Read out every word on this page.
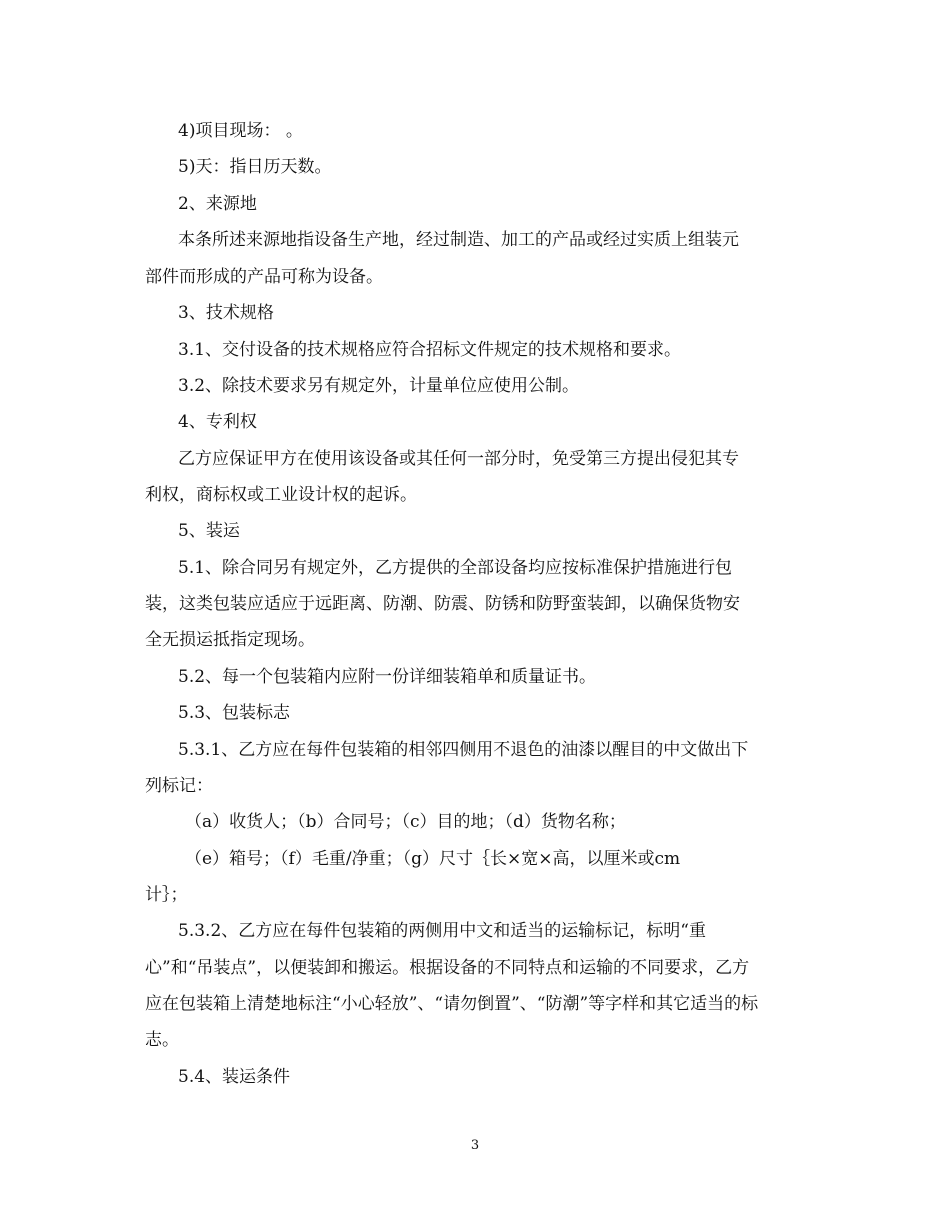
4)项目现场： 。
5)天：指日历天数。
2、来源地
本条所述来源地指设备生产地，经过制造、加工的产品或经过实质上组装元
部件而形成的产品可称为设备。
3、技术规格
3.1、交付设备的技术规格应符合招标文件规定的技术规格和要求。
3.2、除技术要求另有规定外，计量单位应使用公制。
4、专利权
乙方应保证甲方在使用该设备或其任何一部分时，免受第三方提出侵犯其专
利权，商标权或工业设计权的起诉。
5、装运
5.1、除合同另有规定外，乙方提供的全部设备均应按标准保护措施进行包
装，这类包装应适应于远距离、防潮、防震、防锈和防野蛮装卸，以确保货物安
全无损运抵指定现场。
5.2、每一个包装箱内应附一份详细装箱单和质量证书。
5.3、包装标志
5.3.1、乙方应在每件包装箱的相邻四侧用不退色的油漆以醒目的中文做出下
列标记：
（a）收货人；（b）合同号；（c）目的地；（d）货物名称；
（e）箱号；（f）毛重/净重；（g）尺寸｛长×宽×高，以厘米或cm
计｝；
5.3.2、乙方应在每件包装箱的两侧用中文和适当的运输标记，标明“重
心”和“吊装点”，以便装卸和搬运。根据设备的不同特点和运输的不同要求，乙方
应在包装箱上清楚地标注“小心轻放”、“请勿倒置”、“防潮”等字样和其它适当的标
志。
5.4、装运条件
3
